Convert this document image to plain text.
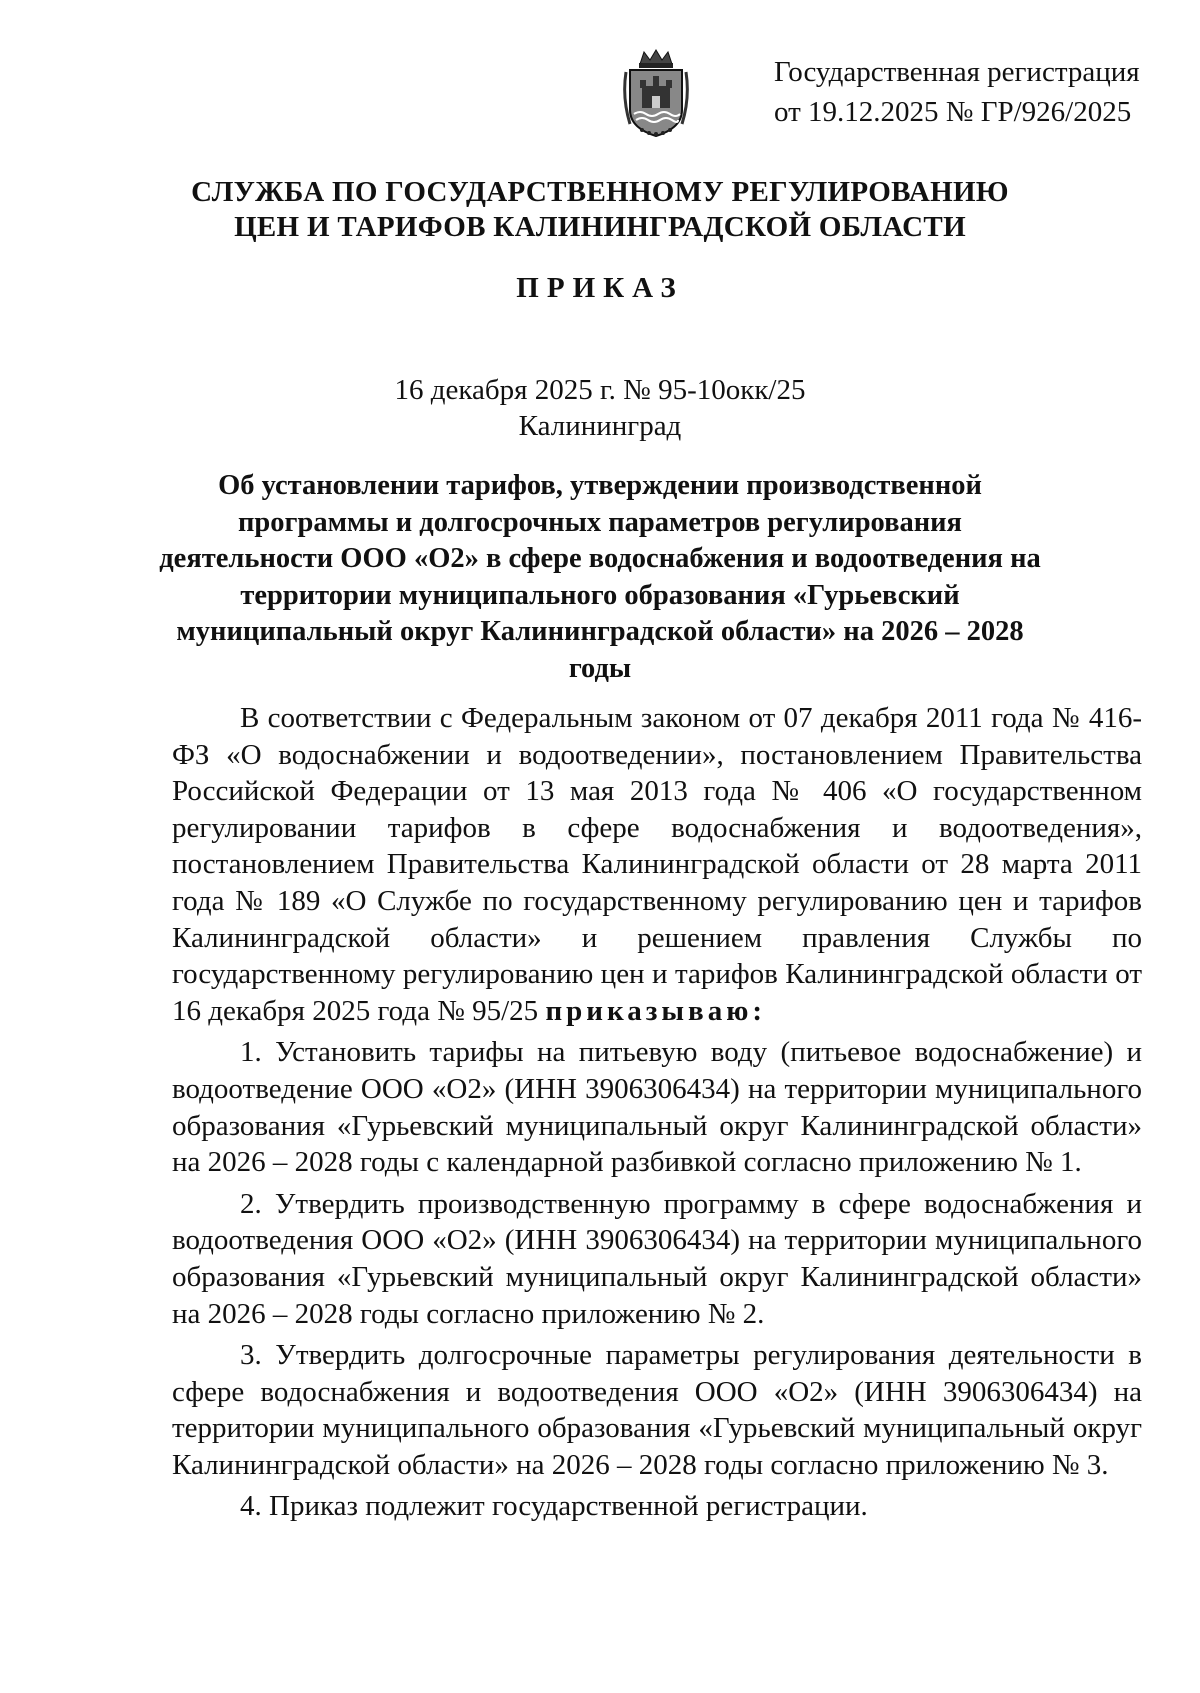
Государственная регистрация
от 19.12.2025 № ГР/926/2025
СЛУЖБА ПО ГОСУДАРСТВЕННОМУ РЕГУЛИРОВАНИЮ
ЦЕН И ТАРИФОВ КАЛИНИНГРАДСКОЙ ОБЛАСТИ
ПРИКАЗ
16 декабря 2025 г. № 95-10окк/25
Калининград
Об установлении тарифов, утверждении производственной программы и долгосрочных параметров регулирования деятельности ООО «О2» в сфере водоснабжения и водоотведения на территории муниципального образования «Гурьевский муниципальный округ Калининградской области» на 2026 – 2028 годы

В соответствии с Федеральным законом от 07 декабря 2011 года № 416-ФЗ «О водоснабжении и водоотведении», постановлением Правительства Российской Федерации от 13 мая 2013 года № 406 «О государственном регулировании тарифов в сфере водоснабжения и водоотведения», постановлением Правительства Калининградской области от 28 марта 2011 года № 189 «О Службе по государственному регулированию цен и тарифов Калининградской области» и решением правления Службы по государственному регулированию цен и тарифов Калининградской области от 16 декабря 2025 года № 95/25 приказываю:

1. Установить тарифы на питьевую воду (питьевое водоснабжение) и водоотведение ООО «О2» (ИНН 3906306434) на территории муниципального образования «Гурьевский муниципальный округ Калининградской области» на 2026 – 2028 годы с календарной разбивкой согласно приложению № 1.

2. Утвердить производственную программу в сфере водоснабжения и водоотведения ООО «О2» (ИНН 3906306434) на территории муниципального образования «Гурьевский муниципальный округ Калининградской области» на 2026 – 2028 годы согласно приложению № 2.

3. Утвердить долгосрочные параметры регулирования деятельности в сфере водоснабжения и водоотведения ООО «О2» (ИНН 3906306434) на территории муниципального образования «Гурьевский муниципальный округ Калининградской области» на 2026 – 2028 годы согласно приложению № 3.

4. Приказ подлежит государственной регистрации.
